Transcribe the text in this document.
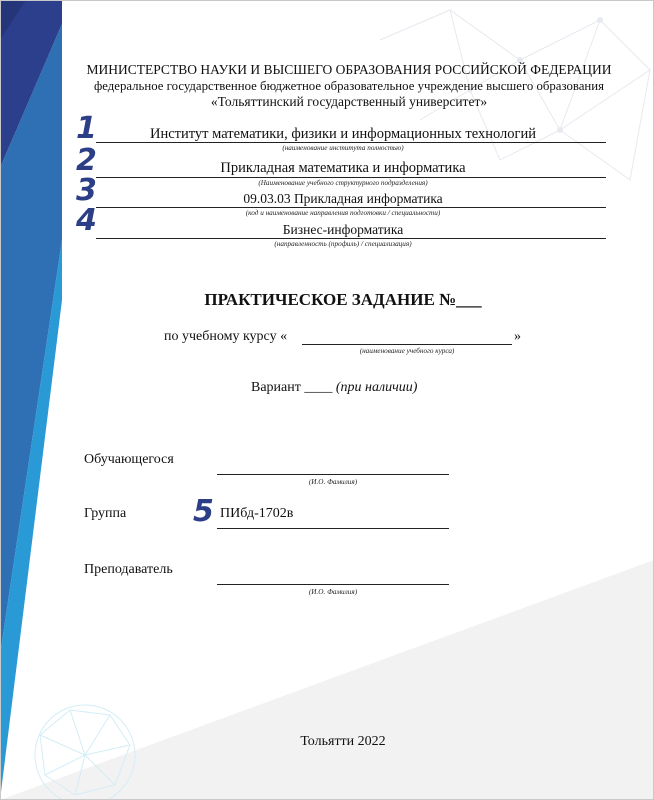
МИНИСТЕРСТВО НАУКИ И ВЫСШЕГО ОБРАЗОВАНИЯ РОССИЙСКОЙ ФЕДЕРАЦИИ
федеральное государственное бюджетное образовательное учреждение высшего образования
«Тольяттинский государственный университет»
1	Институт математики, физики и информационных технологий
(наименование института полностью)
2	Прикладная математика и информатика
(Наименование учебного структурного подразделения)
3	09.03.03 Прикладная информатика
(код и наименование направления подготовки / специальности)
4	Бизнес-информатика
(направленность (профиль) / специализация)
ПРАКТИЧЕСКОЕ ЗАДАНИЕ №___
по учебному курсу «	»
(наименование учебного курса)
Вариант ____ (при наличии)
Обучающегося
(И.О. Фамилия)
Группа 5 ПИбд-1702в
Преподаватель
(И.О. Фамилия)
Тольятти 2022
